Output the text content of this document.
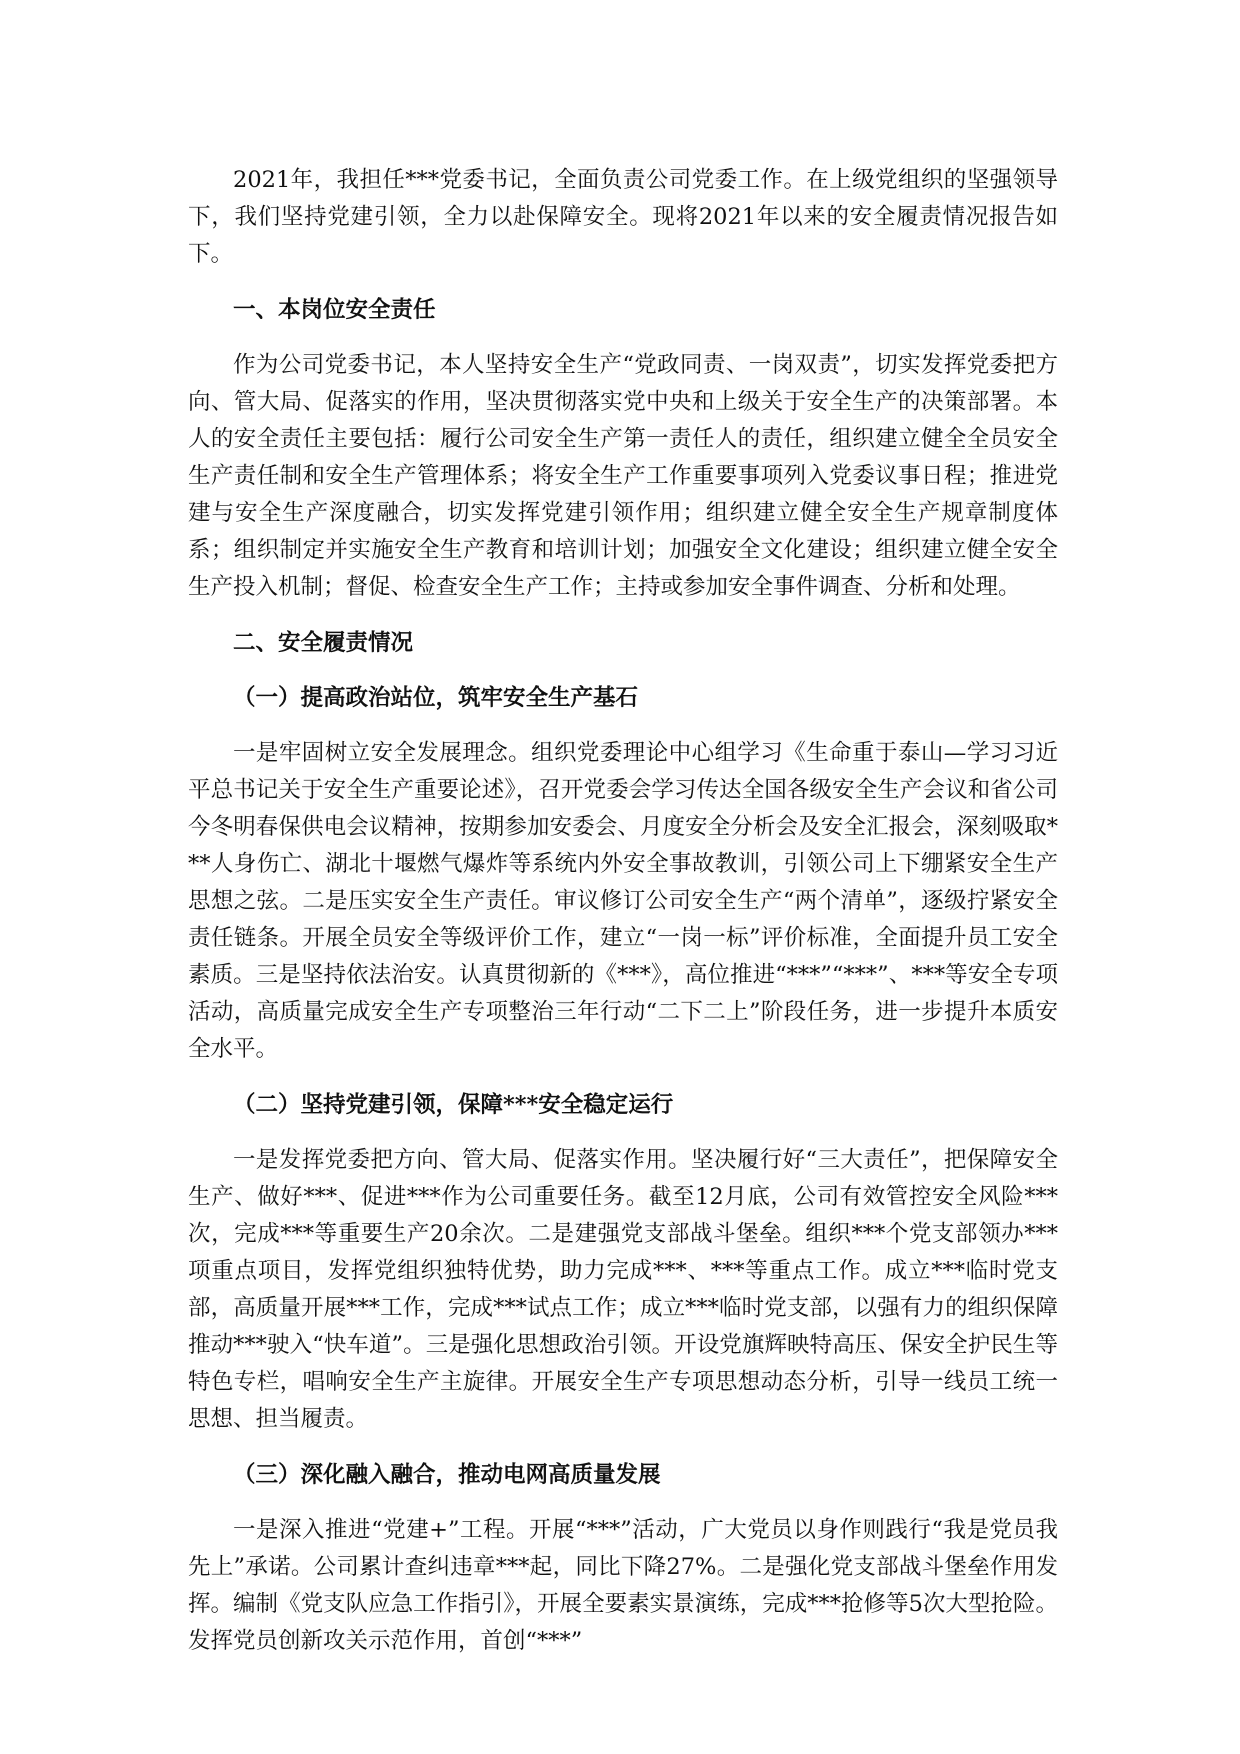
2021年，我担任***党委书记，全面负责公司党委工作。在上级党组织的坚强领导下，我们坚持党建引领，全力以赴保障安全。现将2021年以来的安全履责情况报告如下。

一、本岗位安全责任

作为公司党委书记，本人坚持安全生产“党政同责、一岗双责”，切实发挥党委把方向、管大局、促落实的作用，坚决贯彻落实党中央和上级关于安全生产的决策部署。本人的安全责任主要包括：履行公司安全生产第一责任人的责任，组织建立健全全员安全生产责任制和安全生产管理体系；将安全生产工作重要事项列入党委议事日程；推进党建与安全生产深度融合，切实发挥党建引领作用；组织建立健全安全生产规章制度体系；组织制定并实施安全生产教育和培训计划；加强安全文化建设；组织建立健全安全生产投入机制；督促、检查安全生产工作；主持或参加安全事件调查、分析和处理。

二、安全履责情况
（一）提高政治站位，筑牢安全生产基石

一是牢固树立安全发展理念。组织党委理论中心组学习《生命重于泰山—学习习近平总书记关于安全生产重要论述》，召开党委会学习传达全国各级安全生产会议和省公司今冬明春保供电会议精神，按期参加安委会、月度安全分析会及安全汇报会，深刻吸取***人身伤亡、湖北十堰燃气爆炸等系统内外安全事故教训，引领公司上下绷紧安全生产思想之弦。二是压实安全生产责任。审议修订公司安全生产“两个清单”，逐级拧紧安全责任链条。开展全员安全等级评价工作，建立“一岗一标”评价标准，全面提升员工安全素质。三是坚持依法治安。认真贯彻新的《***》，高位推进“***”“***”、***等安全专项活动，高质量完成安全生产专项整治三年行动“二下二上”阶段任务，进一步提升本质安全水平。

（二）坚持党建引领，保障***安全稳定运行

一是发挥党委把方向、管大局、促落实作用。坚决履行好“三大责任”，把保障安全生产、做好***、促进***作为公司重要任务。截至12月底，公司有效管控安全风险***次，完成***等重要生产20余次。二是建强党支部战斗堡垒。组织***个党支部领办***项重点项目，发挥党组织独特优势，助力完成***、***等重点工作。成立***临时党支部，高质量开展***工作，完成***试点工作；成立***临时党支部，以强有力的组织保障推动***驶入“快车道”。三是强化思想政治引领。开设党旗辉映特高压、保安全护民生等特色专栏，唱响安全生产主旋律。开展安全生产专项思想动态分析，引导一线员工统一思想、担当履责。

（三）深化融入融合，推动电网高质量发展

一是深入推进“党建+”工程。开展“***”活动，广大党员以身作则践行“我是党员我先上”承诺。公司累计查纠违章***起，同比下降27%。二是强化党支部战斗堡垒作用发挥。编制《党支队应急工作指引》，开展全要素实景演练，完成***抢修等5次大型抢险。发挥党员创新攻关示范作用，首创“***”
